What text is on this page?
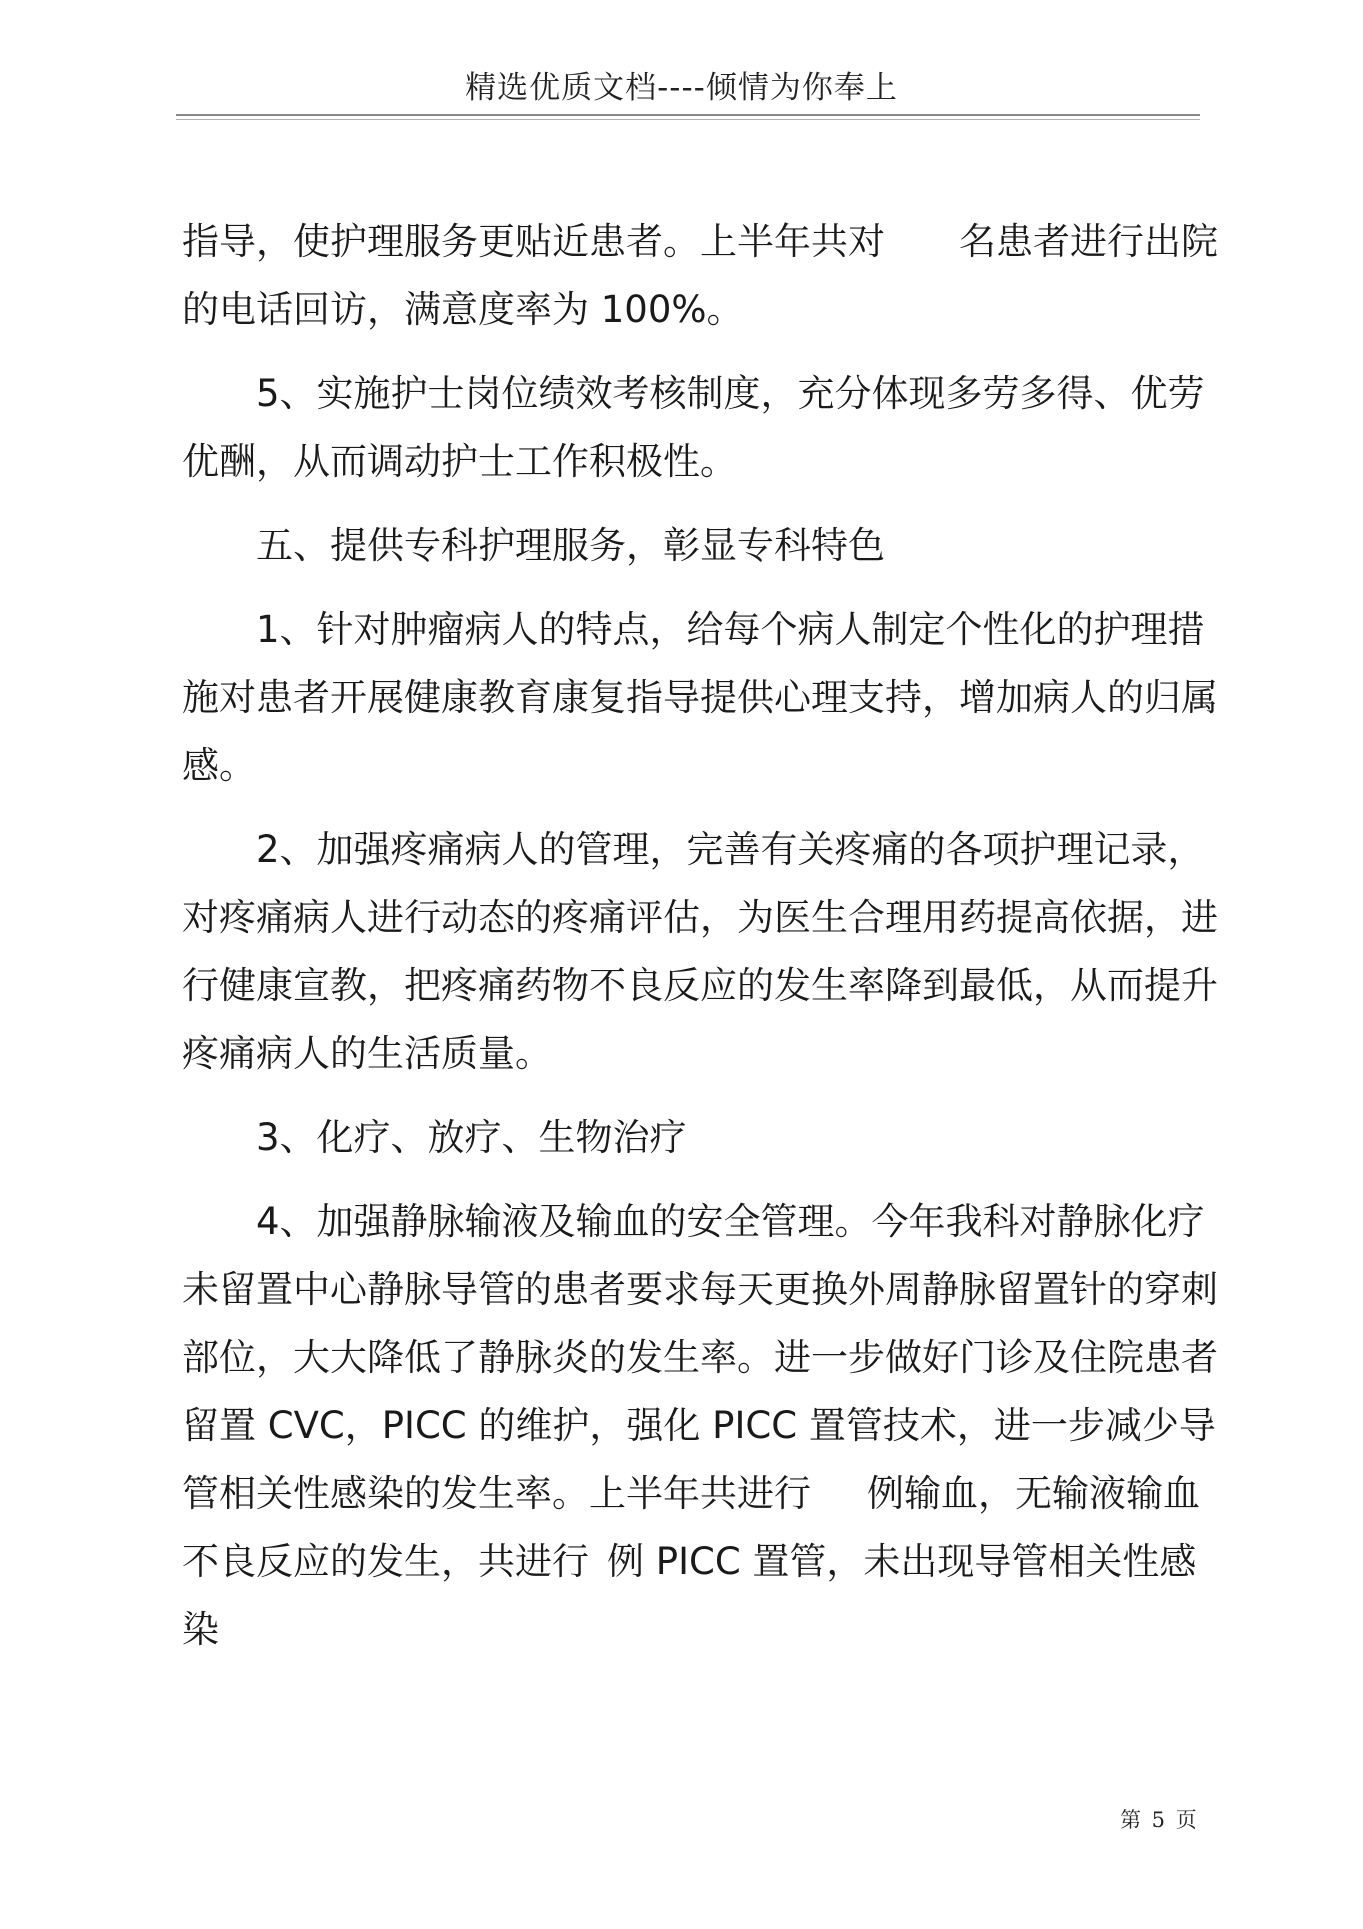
精选优质文档----倾情为你奉上

指导，使护理服务更贴近患者。上半年共对 名患者进行出院的电话回访，满意度率为 100%。

5、实施护士岗位绩效考核制度，充分体现多劳多得、优劳优酬，从而调动护士工作积极性。

五、提供专科护理服务，彰显专科特色

1、针对肿瘤病人的特点，给每个病人制定个性化的护理措施对患者开展健康教育康复指导提供心理支持，增加病人的归属感。

2、加强疼痛病人的管理，完善有关疼痛的各项护理记录，对疼痛病人进行动态的疼痛评估，为医生合理用药提高依据，进行健康宣教，把疼痛药物不良反应的发生率降到最低，从而提升疼痛病人的生活质量。

3、化疗、放疗、生物治疗

4、加强静脉输液及输血的安全管理。今年我科对静脉化疗未留置中心静脉导管的患者要求每天更换外周静脉留置针的穿刺部位，大大降低了静脉炎的发生率。进一步做好门诊及住院患者留置 CVC，PICC 的维护，强化 PICC 置管技术，进一步减少导管相关性感染的发生率。上半年共进行 例输血，无输液输血不良反应的发生，共进行 例 PICC 置管，未出现导管相关性感染

第 5 页
